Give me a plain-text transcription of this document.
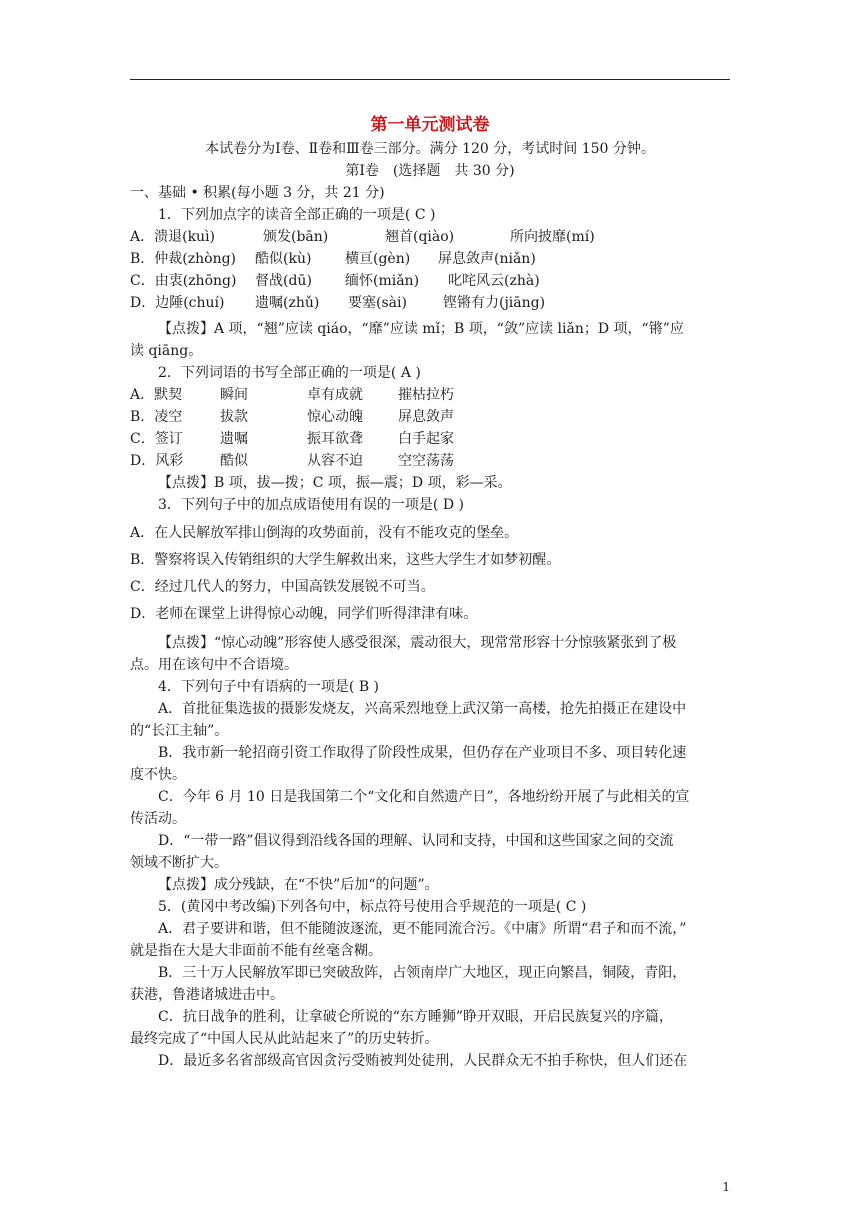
第一单元测试卷
本试卷分为Ⅰ卷、Ⅱ卷和Ⅲ卷三部分。满分 120 分，考试时间 150 分钟。
第Ⅰ卷　(选择题　共 30 分)
一、基础 • 积累(每小题 3 分，共 21 分)
1．下列加点字的读音全部正确的一项是( C )
A．溃退(kuì)	颁发(bān)	翘首(qiào)	所向披靡(mí)
B．仲裁(zhòng)	酷似(kù)	横亘(gèn)	屏息敛声(niǎn)
C．由衷(zhōng)	督战(dū)	缅怀(miǎn)	叱咤风云(zhà)
D．边陲(chuí)	遗嘱(zhǔ)	要塞(sài)	铿锵有力(jiāng)
【点拨】A 项，“翘”应读 qiáo，“靡”应读 mǐ；B 项，“敛”应读 liǎn；D 项，“锵”应
读 qiāng。
2．下列词语的书写全部正确的一项是( A )
A．默契	瞬间	卓有成就	摧枯拉朽
B．凌空	拔款	惊心动魄	屏息敛声
C．签订	遗嘱	振耳欲聋	白手起家
D．风彩	酷似	从容不迫	空空荡荡
【点拨】B 项，拔—拨；C 项，振—震；D 项，彩—采。
3．下列句子中的加点成语使用有误的一项是( D )
A．在人民解放军排山倒海的攻势面前，没有不能攻克的堡垒。
B．警察将误入传销组织的大学生解救出来，这些大学生才如梦初醒。
C．经过几代人的努力，中国高铁发展锐不可当。
D．老师在课堂上讲得惊心动魄，同学们听得津津有味。
【点拨】“惊心动魄”形容使人感受很深，震动很大，现常常形容十分惊骇紧张到了极
点。用在该句中不合语境。
4．下列句子中有语病的一项是( B )
A．首批征集选拔的摄影发烧友，兴高采烈地登上武汉第一高楼，抢先拍摄正在建设中
的“长江主轴”。
B．我市新一轮招商引资工作取得了阶段性成果，但仍存在产业项目不多、项目转化速
度不快。
C．今年 6 月 10 日是我国第二个“文化和自然遗产日”，各地纷纷开展了与此相关的宣
传活动。
D．“一带一路”倡议得到沿线各国的理解、认同和支持，中国和这些国家之间的交流
领域不断扩大。
【点拨】成分残缺，在“不快”后加“的问题”。
5．(黄冈中考改编)下列各句中，标点符号使用合乎规范的一项是( C )
A．君子要讲和谐，但不能随波逐流，更不能同流合污。《中庸》所谓“君子和而不流，”
就是指在大是大非面前不能有丝毫含糊。
B．三十万人民解放军即已突破敌阵，占领南岸广大地区，现正向繁昌，铜陵，青阳，
获港，鲁港诸城进击中。
C．抗日战争的胜利，让拿破仑所说的“东方睡狮”睁开双眼，开启民族复兴的序篇，
最终完成了“中国人民从此站起来了”的历史转折。
D．最近多名省部级高官因贪污受贿被判处徒刑，人民群众无不拍手称快，但人们还在
1
